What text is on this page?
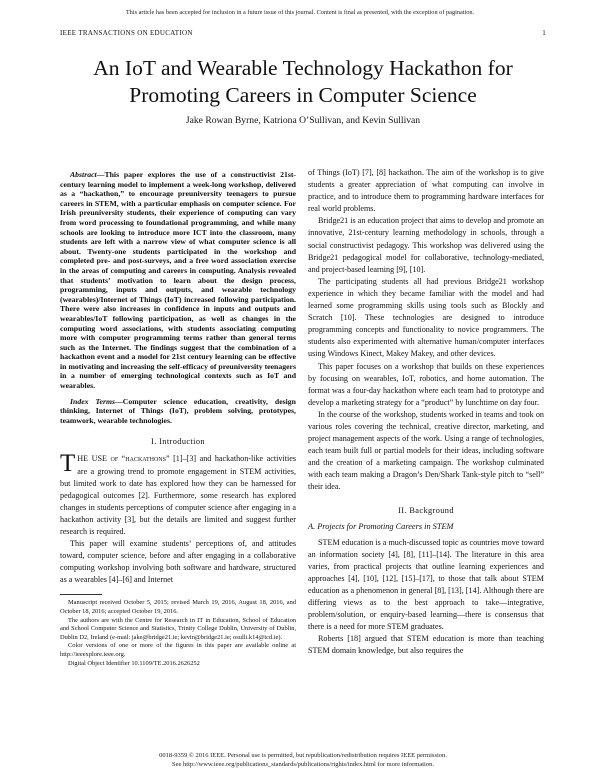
This article has been accepted for inclusion in a future issue of this journal. Content is final as presented, with the exception of pagination.
IEEE TRANSACTIONS ON EDUCATION	1
An IoT and Wearable Technology Hackathon for Promoting Careers in Computer Science
Jake Rowan Byrne, Katriona O’Sullivan, and Kevin Sullivan

Abstract—This paper explores the use of a constructivist 21st-century learning model to implement a week-long workshop, delivered as a “hackathon,” to encourage preuniversity teenagers to pursue careers in STEM, with a particular emphasis on computer science. For Irish preuniversity students, their experience of computing can vary from word processing to foundational programming, and while many schools are looking to introduce more ICT into the classroom, many students are left with a narrow view of what computer science is all about. Twenty-one students participated in the workshop and completed pre- and post-surveys, and a free word association exercise in the areas of computing and careers in computing. Analysis revealed that students’ motivation to learn about the design process, programming, inputs and outputs, and wearable technology (wearables)/Internet of Things (IoT) increased following participation. There were also increases in confidence in inputs and outputs and wearables/IoT following participation, as well as changes in the computing word associations, with students associating computing more with computer programming terms rather than general terms such as the Internet. The findings suggest that the combination of a hackathon event and a model for 21st century learning can be effective in motivating and increasing the self-efficacy of preuniversity teenagers in a number of emerging technological contexts such as IoT and wearables.

Index Terms—Computer science education, creativity, design thinking, Internet of Things (IoT), problem solving, prototypes, teamwork, wearable technologies.

I. Introduction

THE USE of “hackathons” [1]–[3] and hackathon-like activities are a growing trend to promote engagement in STEM activities, but limited work to date has explored how they can be harnessed for pedagogical outcomes [2]. Furthermore, some research has explored changes in students perceptions of computer science after engaging in a hackathon activity [3], but the details are limited and suggest further research is required.

This paper will examine students’ perceptions of, and attitudes toward, computer science, before and after engaging in a collaborative computing workshop involving both software and hardware, structured as a wearables [4]–[6] and Internet

Manuscript received October 5, 2015; revised March 19, 2016, August 18, 2016, and October 18, 2016; accepted October 19, 2016.

The authors are with the Centre for Research in IT in Education, School of Education and School Computer Science and Statistics, Trinity College Dublin, University of Dublin, Dublin D2, Ireland (e-mail: jake@bridge21.ie; kevin@bridge21.ie; osulli.k14@tcd.ie).

Color versions of one or more of the figures in this paper are available online at http://ieeexplore.ieee.org.

Digital Object Identifier 10.1109/TE.2016.2626252

of Things (IoT) [7], [8] hackathon. The aim of the workshop is to give students a greater appreciation of what computing can involve in practice, and to introduce them to programming hardware interfaces for real world problems.

Bridge21 is an education project that aims to develop and promote an innovative, 21st-century learning methodology in schools, through a social constructivist pedagogy. This workshop was delivered using the Bridge21 pedagogical model for collaborative, technology-mediated, and project-based learning [9], [10].

The participating students all had previous Bridge21 workshop experience in which they became familiar with the model and had learned some programming skills using tools such as Blockly and Scratch [10]. These technologies are designed to introduce programming concepts and functionality to novice programmers. The students also experimented with alternative human/computer interfaces using Windows Kinect, Makey Makey, and other devices.

This paper focuses on a workshop that builds on these experiences by focusing on wearables, IoT, robotics, and home automation. The format was a four-day hackathon where each team had to prototype and develop a marketing strategy for a “product” by lunchtime on day four.

In the course of the workshop, students worked in teams and took on various roles covering the technical, creative director, marketing, and project management aspects of the work. Using a range of technologies, each team built full or partial models for their ideas, including software and the creation of a marketing campaign. The workshop culminated with each team making a Dragon’s Den/Shark Tank-style pitch to “sell” their idea.

II. Background
A. Projects for Promoting Careers in STEM

STEM education is a much-discussed topic as countries move toward an information society [4], [8], [11]–[14]. The literature in this area varies, from practical projects that outline learning experiences and approaches [4], [10], [12], [15]–[17], to those that talk about STEM education as a phenomenon in general [8], [13], [14]. Although there are differing views as to the best approach to take—integrative, problem/solution, or enquiry-based learning—there is consensus that there is a need for more STEM graduates.

Roberts [18] argued that STEM education is more than teaching STEM domain knowledge, but also requires the

0018-9359 © 2016 IEEE. Personal use is permitted, but republication/redistribution requires IEEE permission.
See http://www.ieee.org/publications_standards/publications/rights/index.html for more information.
